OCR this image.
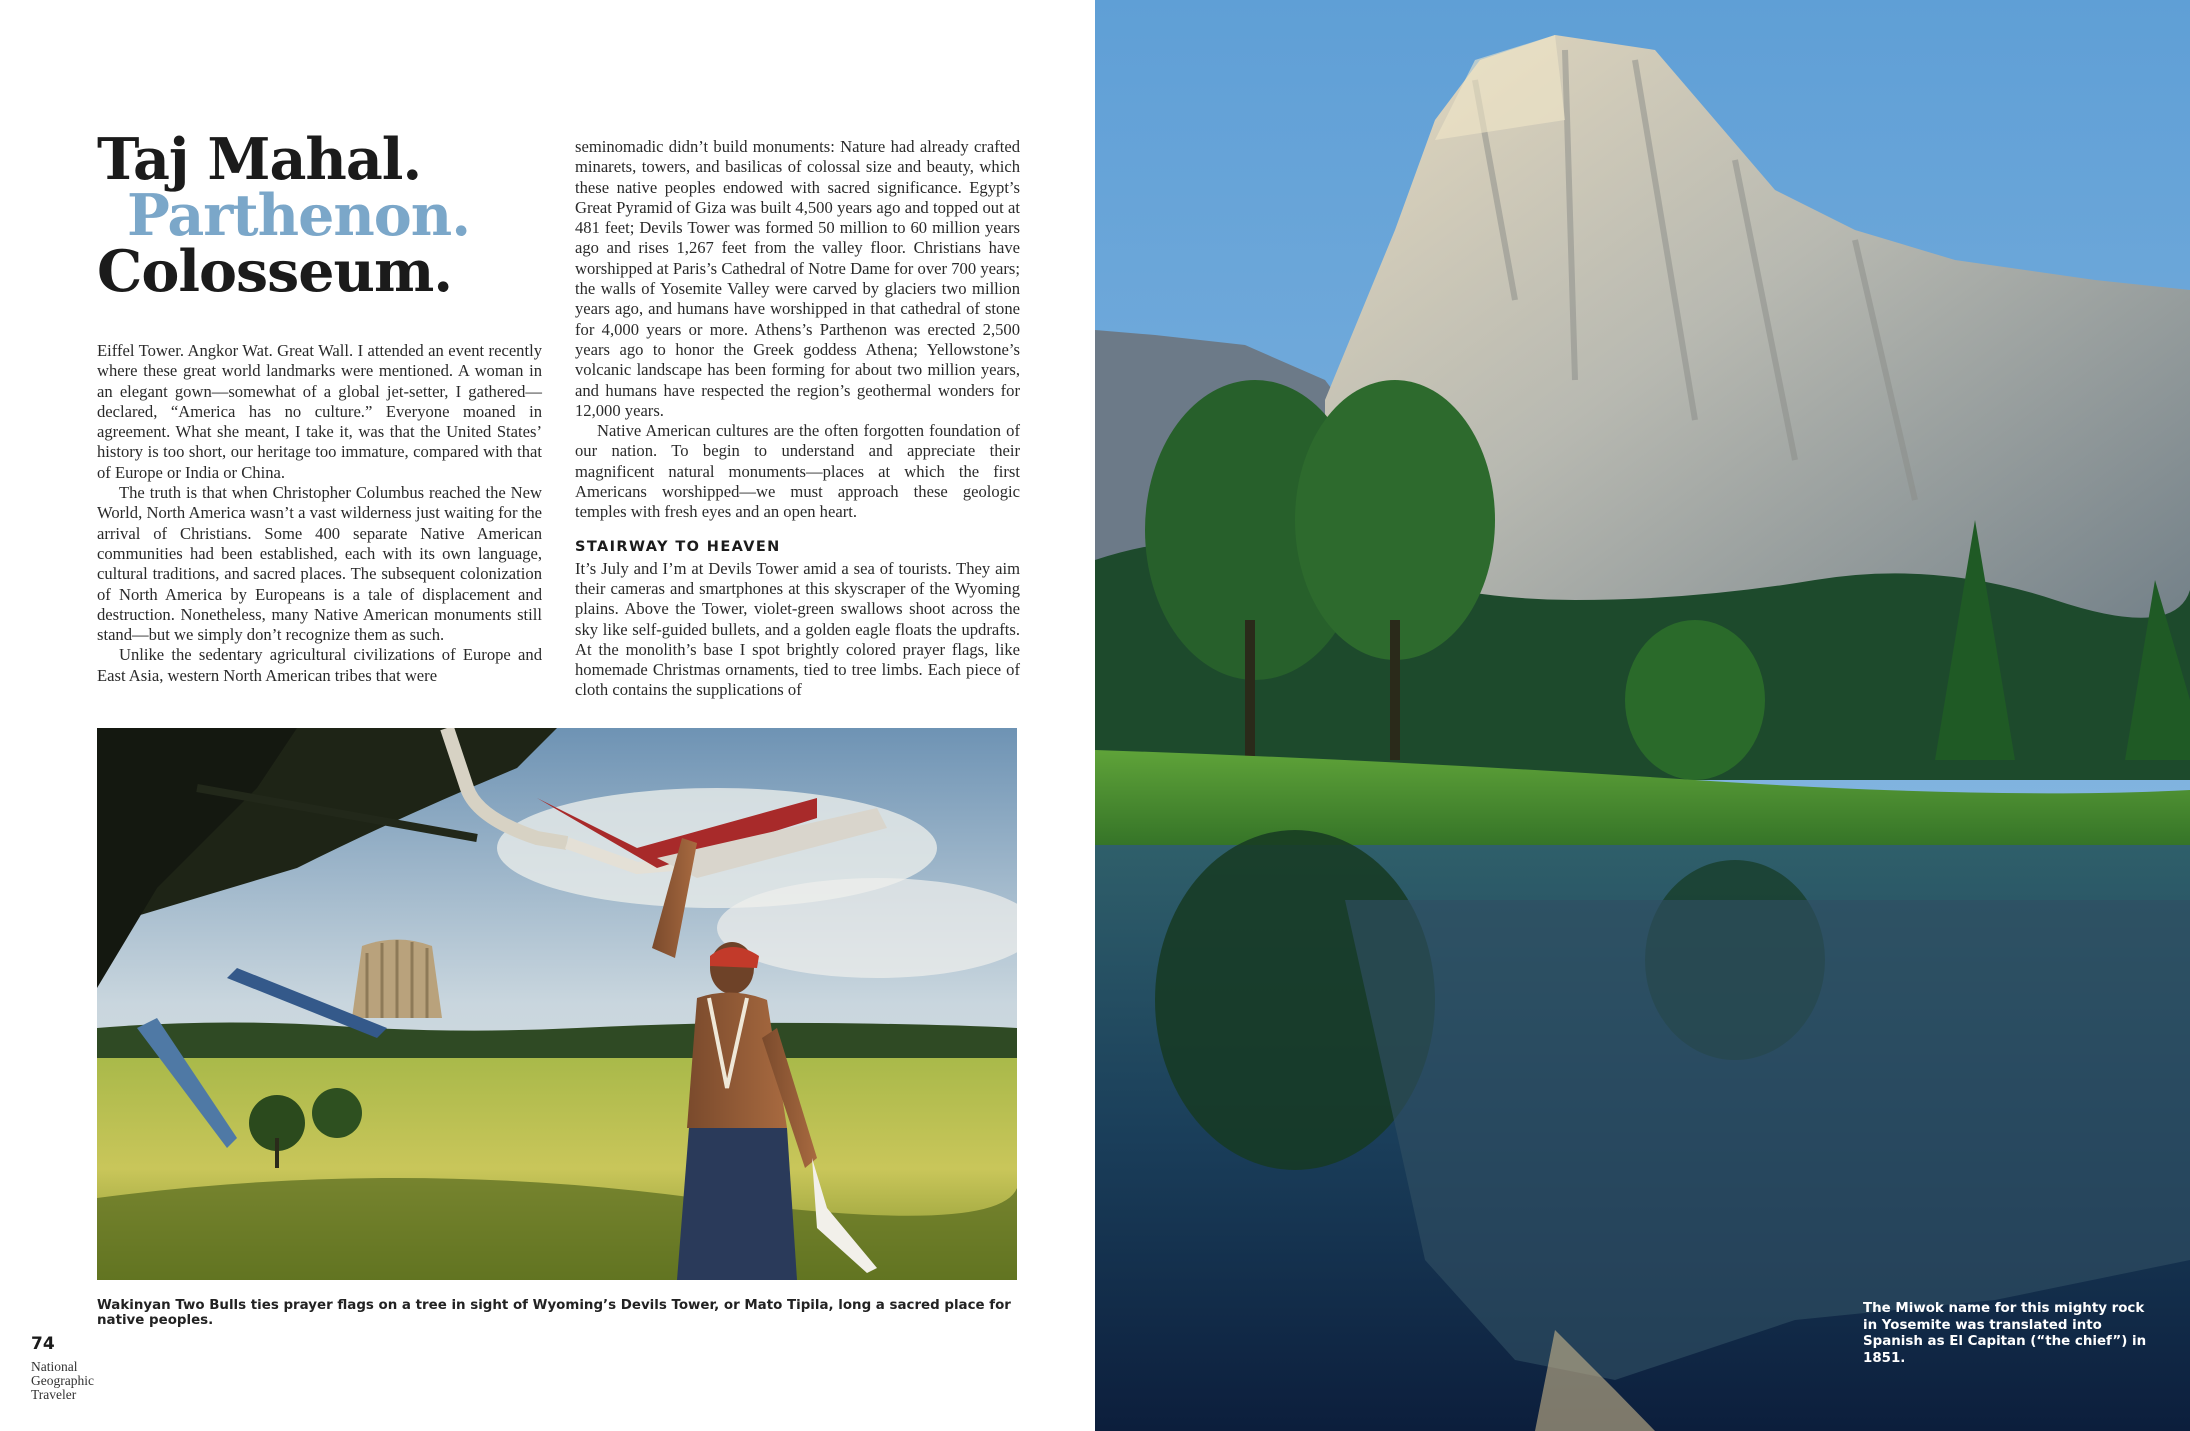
Taj Mahal.
Parthenon.
Colosseum.

Eiffel Tower. Angkor Wat. Great Wall. I attended an event recently where these great world landmarks were mentioned. A woman in an elegant gown—somewhat of a global jet-setter, I gathered—declared, “America has no culture.” Everyone moaned in agreement. What she meant, I take it, was that the United States’ history is too short, our heritage too immature, compared with that of Europe or India or China.

The truth is that when Christopher Columbus reached the New World, North America wasn’t a vast wilderness just waiting for the arrival of Christians. Some 400 separate Native American communities had been established, each with its own language, cultural traditions, and sacred places. The subsequent colonization of North America by Europeans is a tale of displacement and destruction. Nonetheless, many Native American monuments still stand—but we simply don’t recognize them as such.

Unlike the sedentary agricultural civilizations of Europe and East Asia, western North American tribes that were

seminomadic didn’t build monuments: Nature had already crafted minarets, towers, and basilicas of colossal size and beauty, which these native peoples endowed with sacred significance. Egypt’s Great Pyramid of Giza was built 4,500 years ago and topped out at 481 feet; Devils Tower was formed 50 million to 60 million years ago and rises 1,267 feet from the valley floor. Christians have worshipped at Paris’s Cathedral of Notre Dame for over 700 years; the walls of Yosemite Valley were carved by glaciers two million years ago, and humans have worshipped in that cathedral of stone for 4,000 years or more. Athens’s Parthenon was erected 2,500 years ago to honor the Greek goddess Athena; Yellowstone’s volcanic landscape has been forming for about two million years, and humans have respected the region’s geothermal wonders for 12,000 years.

Native American cultures are the often forgotten foundation of our nation. To begin to understand and appreciate their magnificent natural monuments—places at which the first Americans worshipped—we must approach these geologic temples with fresh eyes and an open heart.

STAIRWAY TO HEAVEN

It’s July and I’m at Devils Tower amid a sea of tourists. They aim their cameras and smartphones at this skyscraper of the Wyoming plains. Above the Tower, violet-green swallows shoot across the sky like self-guided bullets, and a golden eagle floats the updrafts. At the monolith’s base I spot brightly colored prayer flags, like homemade Christmas ornaments, tied to tree limbs. Each piece of cloth contains the supplications of

Wakinyan Two Bulls ties prayer flags on a tree in sight of Wyoming’s Devils Tower, or Mato Tipila, long a sacred place for native peoples.
74
National Geographic Traveler
The Miwok name for this mighty rock in Yosemite was translated into Spanish as El Capitan (“the chief”) in 1851.
